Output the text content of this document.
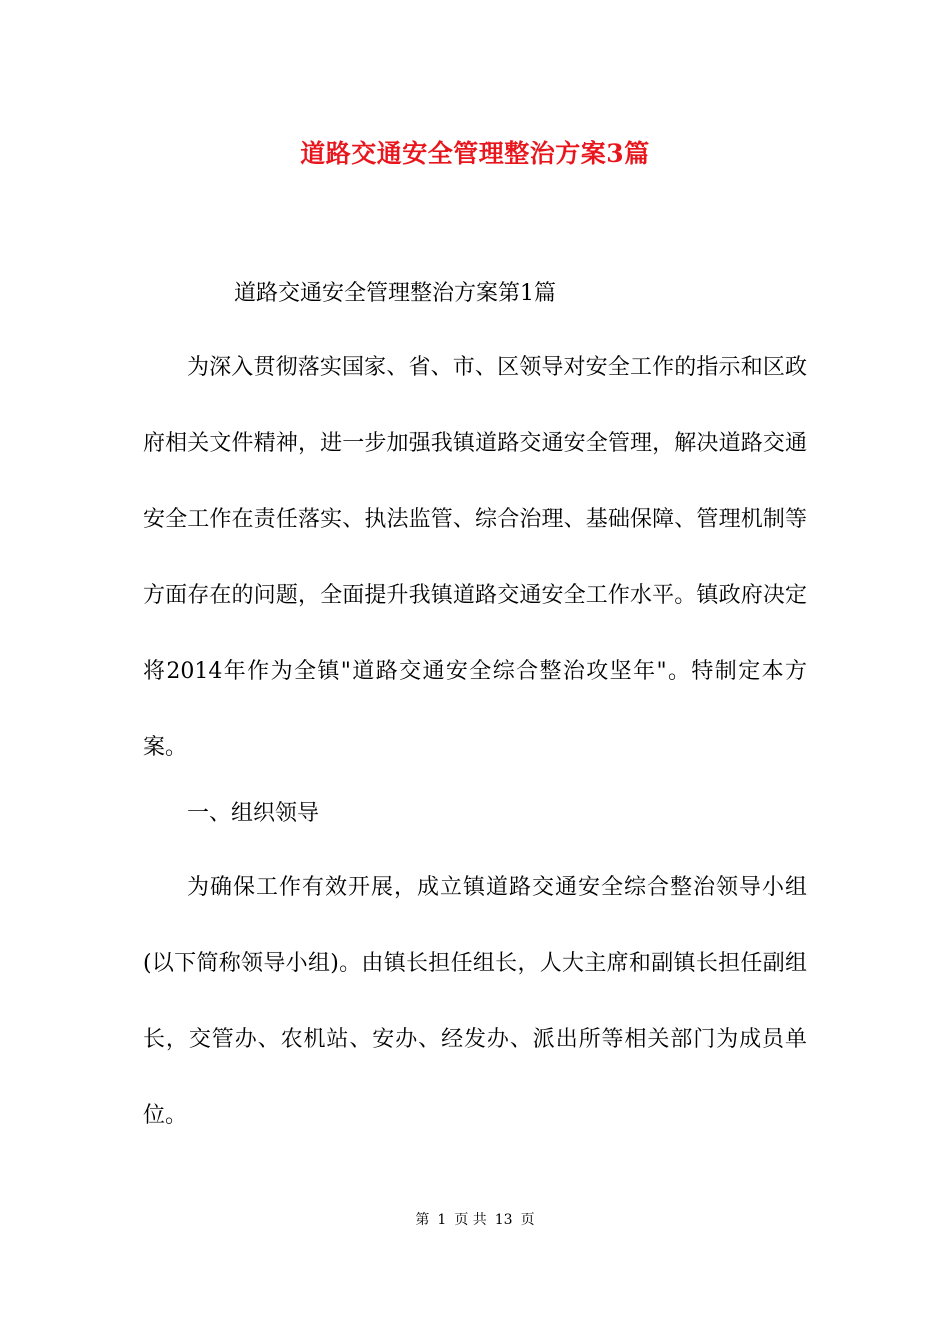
道路交通安全管理整治方案3篇
道路交通安全管理整治方案第1篇

为深入贯彻落实国家、省、市、区领导对安全工作的指示和区政府相关文件精神，进一步加强我镇道路交通安全管理，解决道路交通安全工作在责任落实、执法监管、综合治理、基础保障、管理机制等方面存在的问题，全面提升我镇道路交通安全工作水平。镇政府决定将2014年作为全镇"道路交通安全综合整治攻坚年"。特制定本方案。

一、组织领导

为确保工作有效开展，成立镇道路交通安全综合整治领导小组(以下简称领导小组)。由镇长担任组长，人大主席和副镇长担任副组长，交管办、农机站、安办、经发办、派出所等相关部门为成员单位。

第 1 页 共 13 页
